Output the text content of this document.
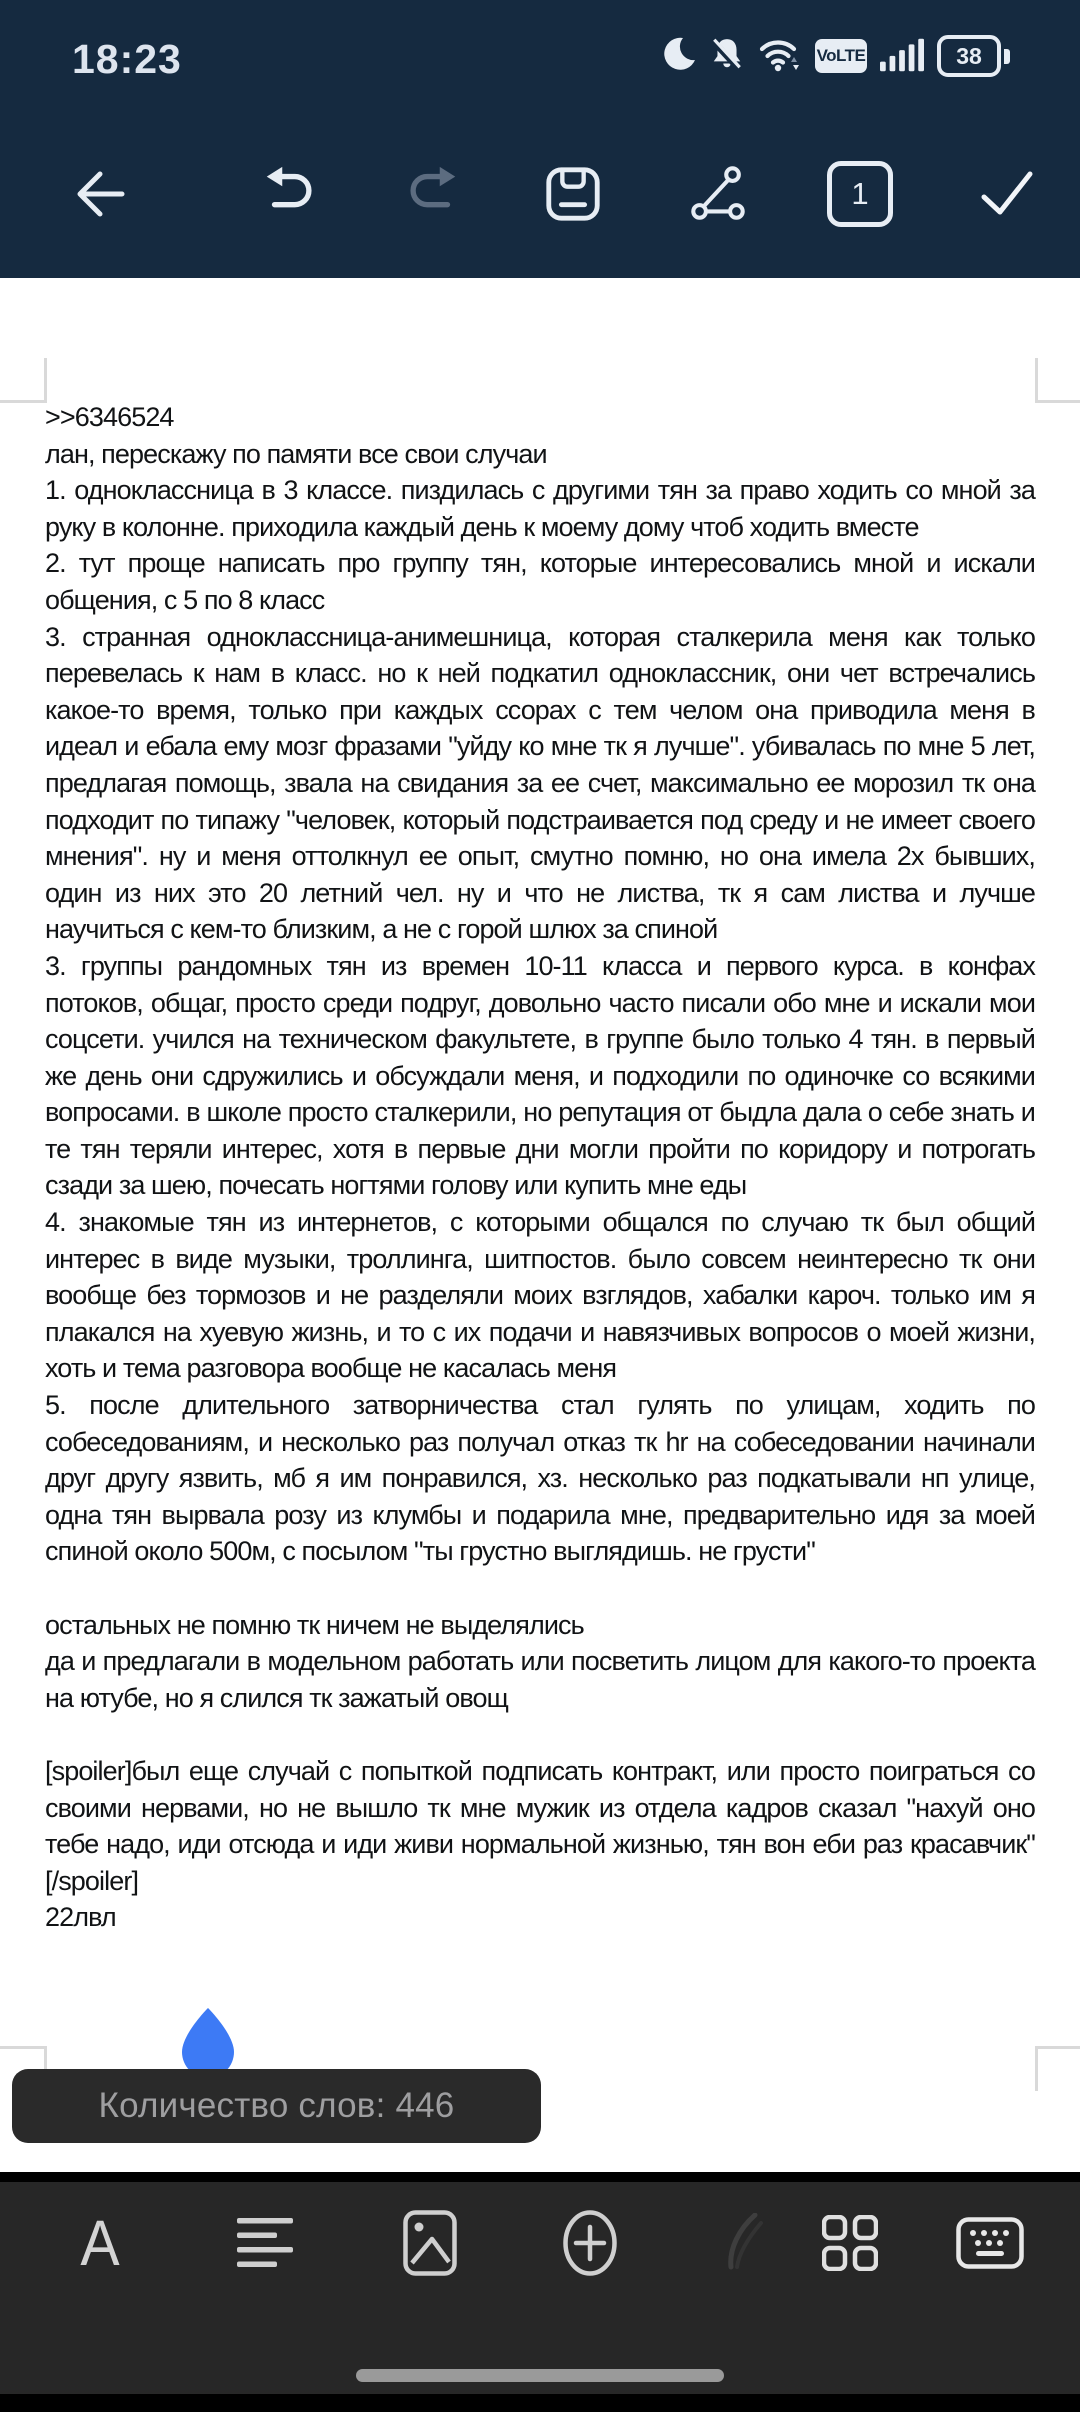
18:23	VoLTE	38
1
>>6346524
лан, перескажу по памяти все свои случаи
1. одноклассница в 3 классе. пиздилась с другими тян за право ходить со мной за руку в колонне. приходила каждый день к моему дому чтоб ходить вместе
2. тут проще написать про группу тян, которые интересовались мной и искали общения, с 5 по 8 класс
3. странная одноклассница-анимешница, которая сталкерила меня как только перевелась к нам в класс. но к ней подкатил одноклассник, они чет встречались какое-то время, только при каждых ссорах с тем челом она приводила меня в идеал и ебала ему мозг фразами "уйду ко мне тк я лучше". убивалась по мне 5 лет, предлагая помощь, звала на свидания за ее счет, максимально ее морозил тк она подходит по типажу "человек, который подстраивается под среду и не имеет своего мнения". ну и меня оттолкнул ее опыт, смутно помню, но она имела 2х бывших, один из них это 20 летний чел. ну и что не листва, тк я сам листва и лучше научиться с кем-то близким, а не с горой шлюх за спиной
3. группы рандомных тян из времен 10-11 класса и первого курса. в конфах потоков, общаг, просто среди подруг, довольно часто писали обо мне и искали мои соцсети. учился на техническом факультете, в группе было только 4 тян. в первый же день они сдружились и обсуждали меня, и подходили по одиночке со всякими вопросами. в школе просто сталкерили, но репутация от быдла дала о себе знать и те тян теряли интерес, хотя в первые дни могли пройти по коридору и потрогать сзади за шею, почесать ногтями голову или купить мне еды
4. знакомые тян из интернетов, с которыми общался по случаю тк был общий интерес в виде музыки, троллинга, шитпостов. было совсем неинтересно тк они вообще без тормозов и не разделяли моих взглядов, хабалки кароч. только им я плакался на хуевую жизнь, и то с их подачи и навязчивых вопросов о моей жизни, хоть и тема разговора вообще не касалась меня
5. после длительного затворничества стал гулять по улицам, ходить по собеседованиям, и несколько раз получал отказ тк hr на собеседовании начинали друг другу язвить, мб я им понравился, хз. несколько раз подкатывали нп улице, одна тян вырвала розу из клумбы и подарила мне, предварительно идя за моей спиной около 500м, с посылом "ты грустно выглядишь. не грусти"
остальных не помню тк ничем не выделялись
да и предлагали в модельном работать или посветить лицом для какого-то проекта на ютубе, но я слился тк зажатый овощ
[spoiler]был еще случай с попыткой подписать контракт, или просто поиграться со своими нервами, но не вышло тк мне мужик из отдела кадров сказал "нахуй оно тебе надо, иди отсюда и иди живи нормальной жизнью, тян вон еби раз красавчик"[/spoiler]
22лвл
Количество слов: 446
A
